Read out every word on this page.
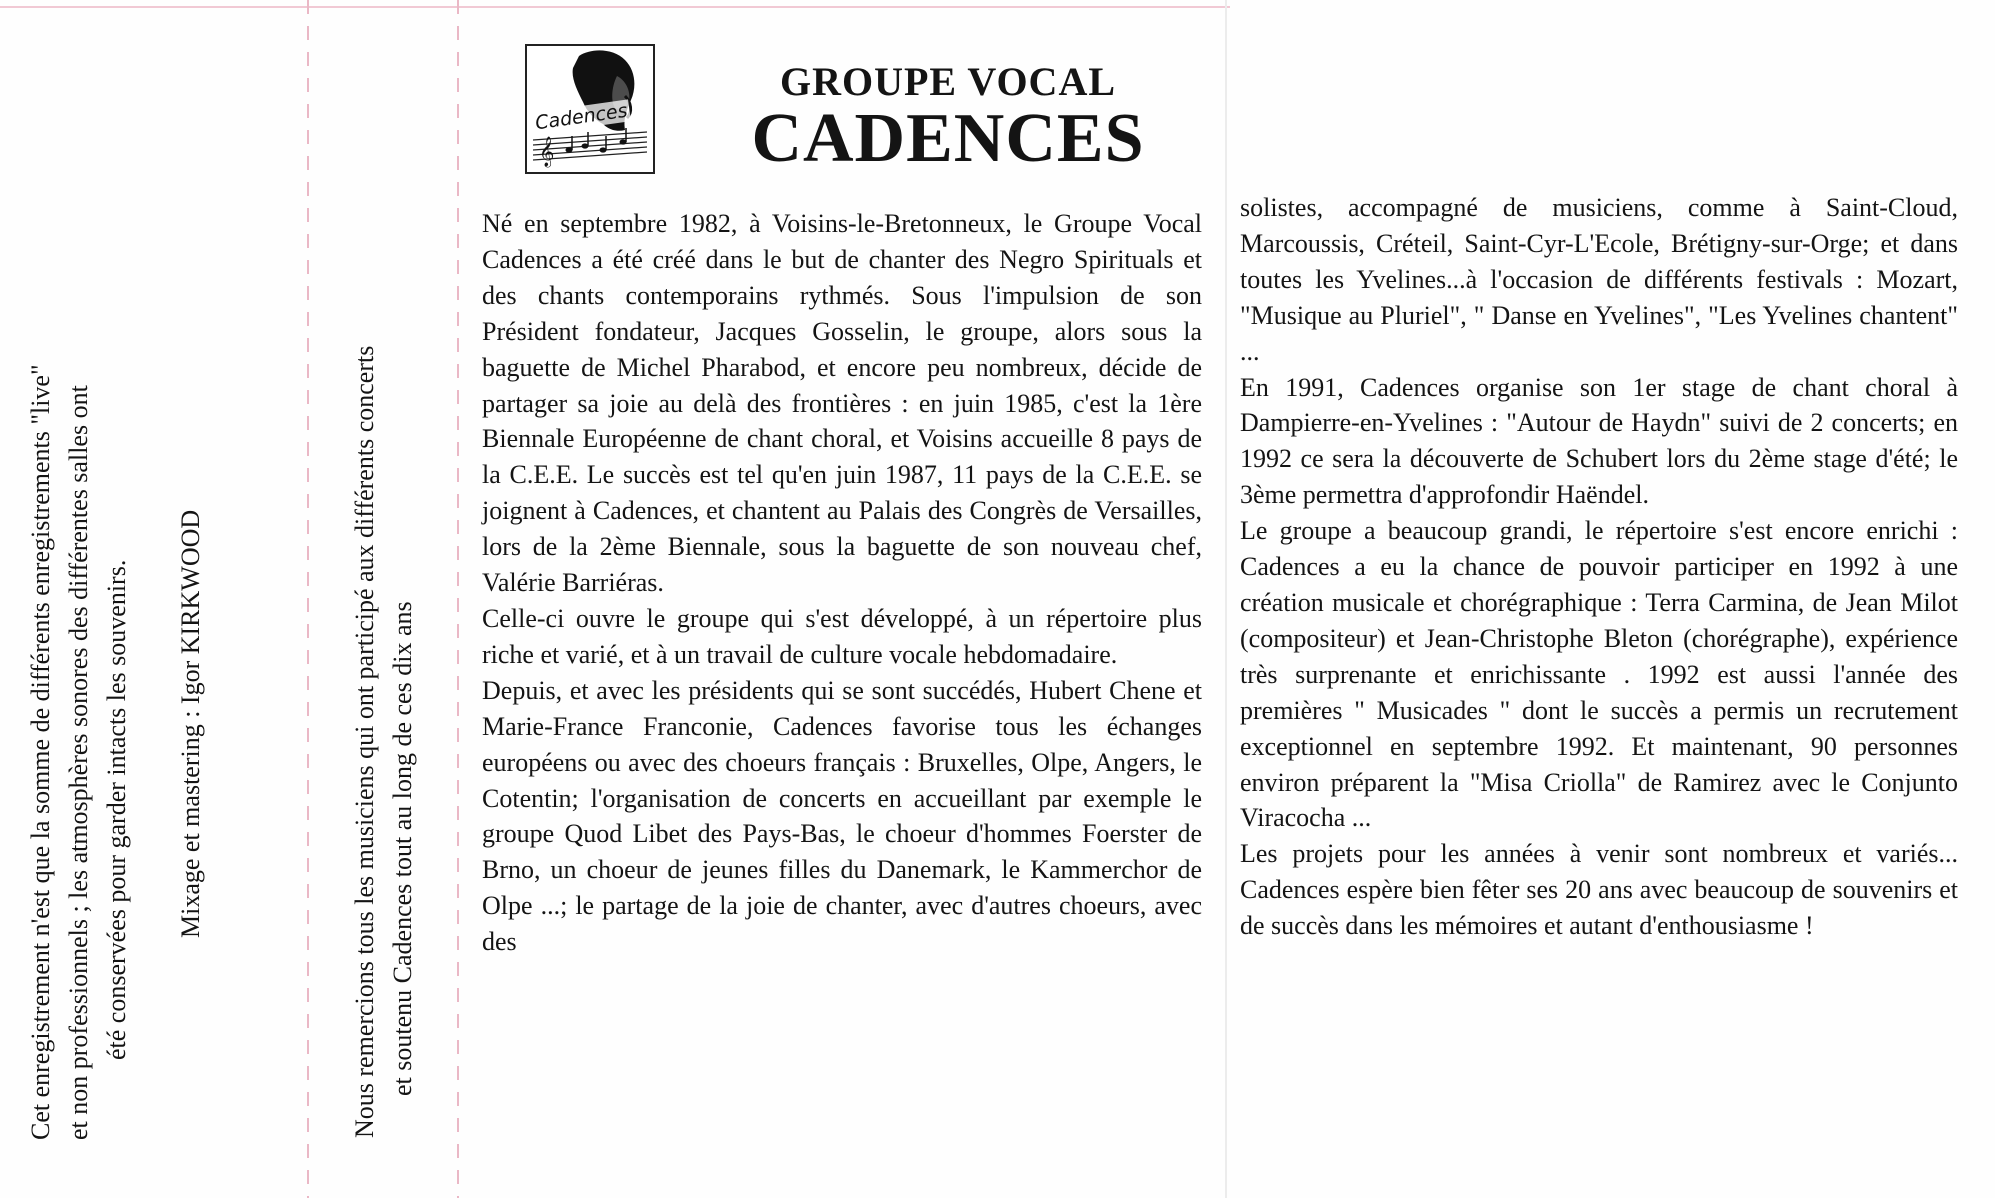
Cet enregistrement n'est que la somme de différents enregistrements "live" et non professionnels ; les atmosphères sonores des différentes salles ont été conservées pour garder intacts les souvenirs. Mixage et mastering : Igor KIRKWOOD	Nous remercions tous les musiciens qui ont participé aux différents concerts et soutenu Cadences tout au long de ces dix ans

𝄞
Cadences
GROUPE VOCAL
CADENCES

Né en septembre 1982, à Voisins-le-Bretonneux, le Groupe Vocal Cadences a été créé dans le but de chanter des Negro Spirituals et des chants contemporains rythmés. Sous l'impulsion de son Président fondateur, Jacques Gosselin, le groupe, alors sous la baguette de Michel Pharabod, et encore peu nombreux, décide de partager sa joie au delà des frontières : en juin 1985, c'est la 1ère Biennale Européenne de chant choral, et Voisins accueille 8 pays de la C.E.E. Le succès est tel qu'en juin 1987, 11 pays de la C.E.E. se joignent à Cadences, et chantent au Palais des Congrès de Versailles, lors de la 2ème Biennale, sous la baguette de son nouveau chef, Valérie Barriéras.

Celle-ci ouvre le groupe qui s'est développé, à un répertoire plus riche et varié, et à un travail de culture vocale hebdomadaire.

Depuis, et avec les présidents qui se sont succédés, Hubert Chene et Marie-France Franconie, Cadences favorise tous les échanges européens ou avec des choeurs français : Bruxelles, Olpe, Angers, le Cotentin; l'organisation de concerts en accueillant par exemple le groupe Quod Libet des Pays-Bas, le choeur d'hommes Foerster de Brno, un choeur de jeunes filles du Danemark, le Kammerchor de Olpe ...; le partage de la joie de chanter, avec d'autres choeurs, avec des

solistes, accompagné de musiciens, comme à Saint-Cloud, Marcoussis, Créteil, Saint-Cyr-L'Ecole, Brétigny-sur-Orge; et dans toutes les Yvelines...à l'occasion de différents festivals : Mozart, "Musique au Pluriel", " Danse en Yvelines", "Les Yvelines chantent" ...

En 1991, Cadences organise son 1er stage de chant choral à Dampierre-en-Yvelines : "Autour de Haydn" suivi de 2 concerts; en 1992 ce sera la découverte de Schubert lors du 2ème stage d'été; le 3ème permettra d'approfondir Haëndel.

Le groupe a beaucoup grandi, le répertoire s'est encore enrichi : Cadences a eu la chance de pouvoir participer en 1992 à une création musicale et chorégraphique : Terra Carmina, de Jean Milot (compositeur) et Jean-Christophe Bleton (chorégraphe), expérience très surprenante et enrichissante . 1992 est aussi l'année des premières " Musicades " dont le succès a permis un recrutement exceptionnel en septembre 1992. Et maintenant, 90 personnes environ préparent la "Misa Criolla" de Ramirez avec le Conjunto Viracocha ...

Les projets pour les années à venir sont nombreux et variés... Cadences espère bien fêter ses 20 ans avec beaucoup de souvenirs et de succès dans les mémoires et autant d'enthousiasme !
